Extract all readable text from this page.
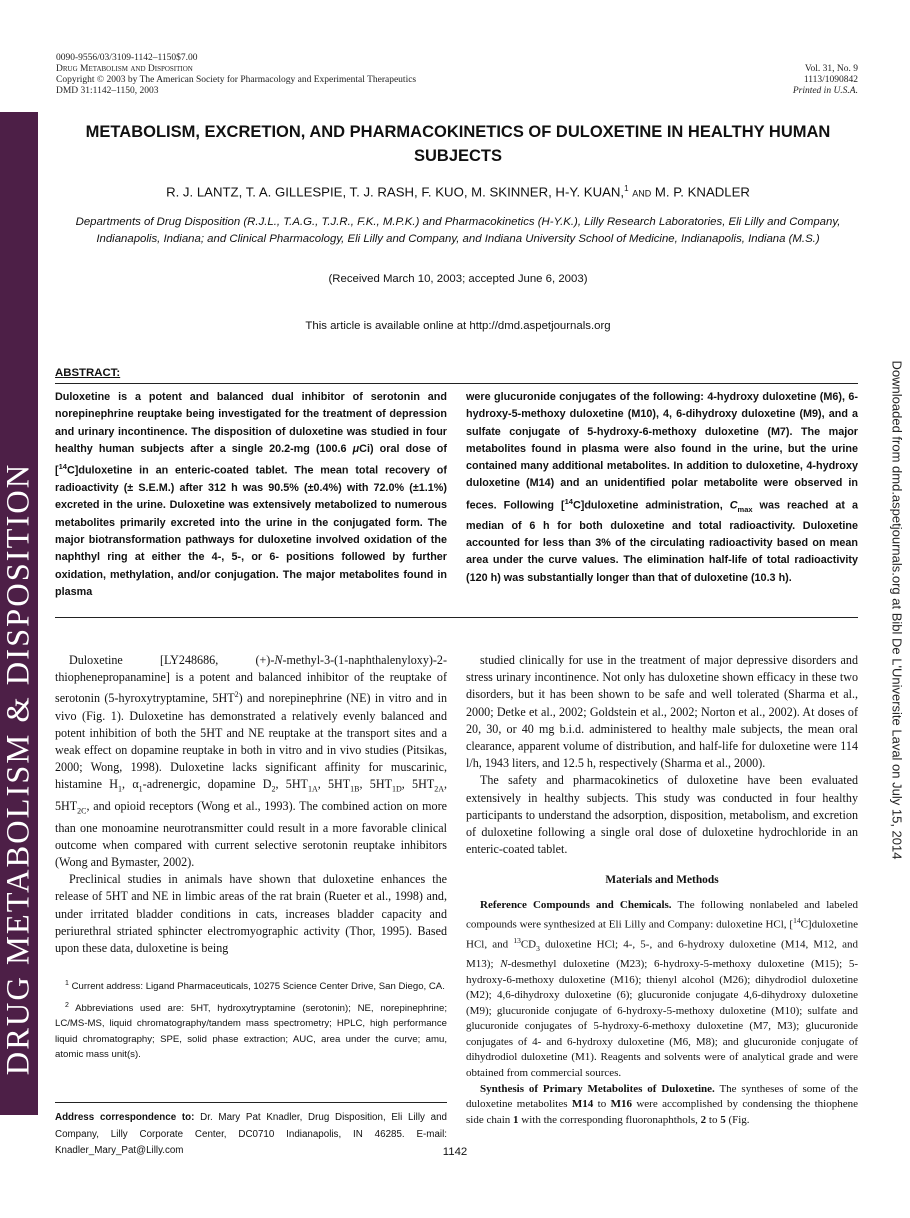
DRUG METABOLISM & DISPOSITION	Downloaded from dmd.aspetjournals.org at Bibl De L'Universite Laval on July 15, 2014
0090-9556/03/3109-1142–1150$7.00
Drug Metabolism and Disposition
Copyright © 2003 by The American Society for Pharmacology and Experimental Therapeutics
DMD 31:1142–1150, 2003
Vol. 31, No. 9
1113/1090842
Printed in U.S.A.
METABOLISM, EXCRETION, AND PHARMACOKINETICS OF DULOXETINE IN HEALTHY HUMAN SUBJECTS
R. J. LANTZ, T. A. GILLESPIE, T. J. RASH, F. KUO, M. SKINNER, H-Y. KUAN,$^1$ and M. P. KNADLER
Departments of Drug Disposition (R.J.L., T.A.G., T.J.R., F.K., M.P.K.) and Pharmacokinetics (H-Y.K.), Lilly Research Laboratories, Eli Lilly and Company, Indianapolis, Indiana; and Clinical Pharmacology, Eli Lilly and Company, and Indiana University School of Medicine, Indianapolis, Indiana (M.S.)
(Received March 10, 2003; accepted June 6, 2003)
This article is available online at http://dmd.aspetjournals.org
ABSTRACT:
Duloxetine is a potent and balanced dual inhibitor of serotonin and norepinephrine reuptake being investigated for the treatment of depression and urinary incontinence. The disposition of duloxetine was studied in four healthy human subjects after a single 20.2-mg (100.6 μCi) oral dose of [$^{14}$C]duloxetine in an enteric-coated tablet. The mean total recovery of radioactivity (± S.E.M.) after 312 h was 90.5% (±0.4%) with 72.0% (±1.1%) excreted in the urine. Duloxetine was extensively metabolized to numerous metabolites primarily excreted into the urine in the conjugated form. The major biotransformation pathways for duloxetine involved oxidation of the naphthyl ring at either the 4-, 5-, or 6- positions followed by further oxidation, methylation, and/or conjugation. The major metabolites found in plasma
were glucuronide conjugates of the following: 4-hydroxy duloxetine (M6), 6-hydroxy-5-methoxy duloxetine (M10), 4, 6-dihydroxy duloxetine (M9), and a sulfate conjugate of 5-hydroxy-6-methoxy duloxetine (M7). The major metabolites found in plasma were also found in the urine, but the urine contained many additional metabolites. In addition to duloxetine, 4-hydroxy duloxetine (M14) and an unidentified polar metabolite were observed in feces. Following [$^{14}$C]duloxetine administration, $C_{max}$ was reached at a median of 6 h for both duloxetine and total radioactivity. Duloxetine accounted for less than 3% of the circulating radioactivity based on mean area under the curve values. The elimination half-life of total radioactivity (120 h) was substantially longer than that of duloxetine (10.3 h).

Duloxetine [LY248686, (+)-N-methyl-3-(1-naphthalenyloxy)-2-thiophenepropanamine] is a potent and balanced inhibitor of the reuptake of serotonin (5-hyroxytryptamine, $5HT^2$) and norepinephrine (NE) in vitro and in vivo (Fig. 1). Duloxetine has demonstrated a relatively evenly balanced and potent inhibition of both the 5HT and NE reuptake at the transport sites and a weak effect on dopamine reuptake in both in vitro and in vivo studies (Pitsikas, 2000; Wong, 1998). Duloxetine lacks significant affinity for muscarinic, histamine $H_1$, $\alpha_1$-adrenergic, dopamine $D_2$, $5HT_{1A}$, $5HT_{1B}$, $5HT_{1D}$, $5HT_{2A}$, $5HT_{2C}$, and opioid receptors (Wong et al., 1993). The combined action on more than one monoamine neurotransmitter could result in a more favorable clinical outcome when compared with current selective serotonin reuptake inhibitors (Wong and Bymaster, 2002).

Preclinical studies in animals have shown that duloxetine enhances the release of 5HT and NE in limbic areas of the rat brain (Rueter et al., 1998) and, under irritated bladder conditions in cats, increases bladder capacity and periurethral striated sphincter electromyographic activity (Thor, 1995). Based upon these data, duloxetine is being

$^1$ Current address: Ligand Pharmaceuticals, 10275 Science Center Drive, San Diego, CA.

$^2$ Abbreviations used are: 5HT, hydroxytryptamine (serotonin); NE, norepinephrine; LC/MS-MS, liquid chromatography/tandem mass spectrometry; HPLC, high performance liquid chromatography; SPE, solid phase extraction; AUC, area under the curve; amu, atomic mass unit(s).

Address correspondence to: Dr. Mary Pat Knadler, Drug Disposition, Eli Lilly and Company, Lilly Corporate Center, DC0710 Indianapolis, IN 46285. E-mail: Knadler_Mary_Pat@Lilly.com

studied clinically for use in the treatment of major depressive disorders and stress urinary incontinence. Not only has duloxetine shown efficacy in these two disorders, but it has been shown to be safe and well tolerated (Sharma et al., 2000; Detke et al., 2002; Goldstein et al., 2002; Norton et al., 2002). At doses of 20, 30, or 40 mg b.i.d. administered to healthy male subjects, the mean oral clearance, apparent volume of distribution, and half-life for duloxetine were 114 l/h, 1943 liters, and 12.5 h, respectively (Sharma et al., 2000).

The safety and pharmacokinetics of duloxetine have been evaluated extensively in healthy subjects. This study was conducted in four healthy participants to understand the adsorption, disposition, metabolism, and excretion of duloxetine following a single oral dose of duloxetine hydrochloride in an enteric-coated tablet.

Materials and Methods

Reference Compounds and Chemicals. The following nonlabeled and labeled compounds were synthesized at Eli Lilly and Company: duloxetine HCl, [$^{14}$C]duloxetine HCl, and $^{13}CD_3$ duloxetine HCl; 4-, 5-, and 6-hydroxy duloxetine (M14, M12, and M13); N-desmethyl duloxetine (M23); 6-hydroxy-5-methoxy duloxetine (M15); 5-hydroxy-6-methoxy duloxetine (M16); thienyl alcohol (M26); dihydrodiol duloxetine (M2); 4,6-dihydroxy duloxetine (6); glucuronide conjugate 4,6-dihydroxy duloxetine (M9); glucuronide conjugate of 6-hydroxy-5-methoxy duloxetine (M10); sulfate and glucuronide conjugates of 5-hydroxy-6-methoxy duloxetine (M7, M3); glucuronide conjugates of 4- and 6-hydroxy duloxetine (M6, M8); and glucuronide conjugate of dihydrodiol duloxetine (M1). Reagents and solvents were of analytical grade and were obtained from commercial sources.

Synthesis of Primary Metabolites of Duloxetine. The syntheses of some of the duloxetine metabolites M14 to M16 were accomplished by condensing the thiophene side chain 1 with the corresponding fluoronaphthols, 2 to 5 (Fig.

1142
